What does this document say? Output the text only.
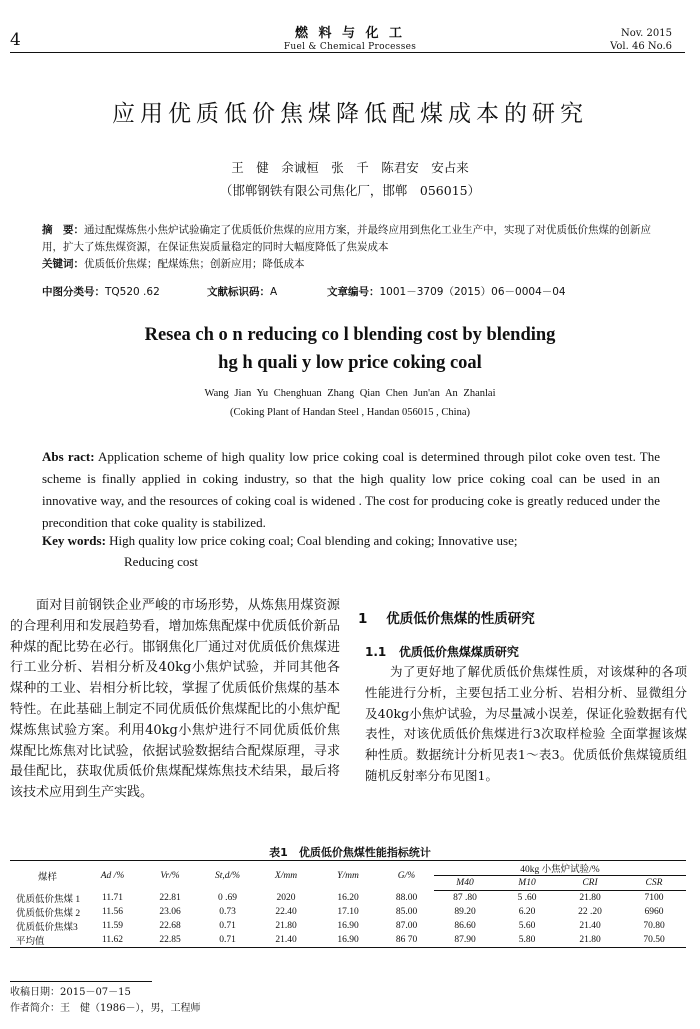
4	燃 料 与 化 工
Fuel & Chemical Processes
Nov. 2015
Vol. 46 No.6
应用优质低价焦煤降低配煤成本的研究
王　健　余诚桓　张　千　陈君安　安占来
（邯郸钢铁有限公司焦化厂，邯郸　056015）
摘　要：通过配煤炼焦小焦炉试验确定了优质低价焦煤的应用方案，并最终应用到焦化工业生产中，实现了对优质低价焦煤的创新应用，扩大了炼焦煤资源，在保证焦炭质量稳定的同时大幅度降低了焦炭成本
关键词：优质低价焦煤；配煤炼焦；创新应用；降低成本
中图分类号：TQ520 .62	文献标识码：A	文章编号：1001－3709（2015）06－0004－04
Resea ch o n reducing co l blending cost by blending
hg h quali y low price coking coal
Wang Jian Yu Chenghuan Zhang Qian Chen Jun'an An Zhanlai
(Coking Plant of Handan Steel , Handan 056015 , China)
Abs ract: Application scheme of high quality low price coking coal is determined through pilot coke oven test. The scheme is finally applied in coking industry, so that the high quality low price coking coal can be used in an innovative way, and the resources of coking coal is widened . The cost for producing coke is greatly reduced under the precondition that coke quality is stabilized.
Key words: High quality low price coking coal; Coal blending and coking; Innovative use;
Reducing cost

面对目前钢铁企业严峻的市场形势，从炼焦用煤资源的合理利用和发展趋势看，增加炼焦配煤中优质低价新品种煤的配比势在必行。邯钢焦化厂通过对优质低价焦煤进行工业分析、岩相分析及40kg小焦炉试验，并同其他各煤种的工业、岩相分析比较，掌握了优质低价焦煤的基本特性。在此基础上制定不同优质低价焦煤配比的小焦炉配煤炼焦试验方案。利用40kg小焦炉进行不同优质低价焦煤配比炼焦对比试验，依据试验数据结合配煤原理，寻求最佳配比，获取优质低价焦煤配煤炼焦技术结果，最后将该技术应用到生产实践。

1 优质低价焦煤的性质研究
1.1 优质低价焦煤煤质研究

为了更好地了解优质低价焦煤性质，对该煤种的各项性能进行分析，主要包括工业分析、岩相分析、显微组分及40kg小焦炉试验，为尽量减小误差，保证化验数据有代表性，对该优质低价焦煤进行3次取样检验 全面掌握该煤种性质。数据统计分析见表1～表3。优质低价焦煤镜质组随机反射率分布见图1。

表1　优质低价焦煤性能指标统计
煤样	Ad /%	Vr/%	St,d/%	X/mm	Y/mm	G/%	40kg 小焦炉试验/%			
							M40	M10	CRI	CSR
优质低价焦煤 1	11.71	22.81	0 .69	2020	16.20	88.00	87 .80	5 .60	21.80	7100
优质低价焦煤 2	11.56	23.06	0.73	22.40	17.10	85.00	89.20	6.20	22 .20	6960
优质低价焦煤3	11.59	22.68	0.71	21.80	16.90	87.00	86.60	5.60	21.40	70.80
平均值	11.62	22.85	0.71	21.40	16.90	86 70	87.90	5.80	21.80	70.50
收稿日期：2015－07－15
作者简介：王　健（1986－），男，工程师
